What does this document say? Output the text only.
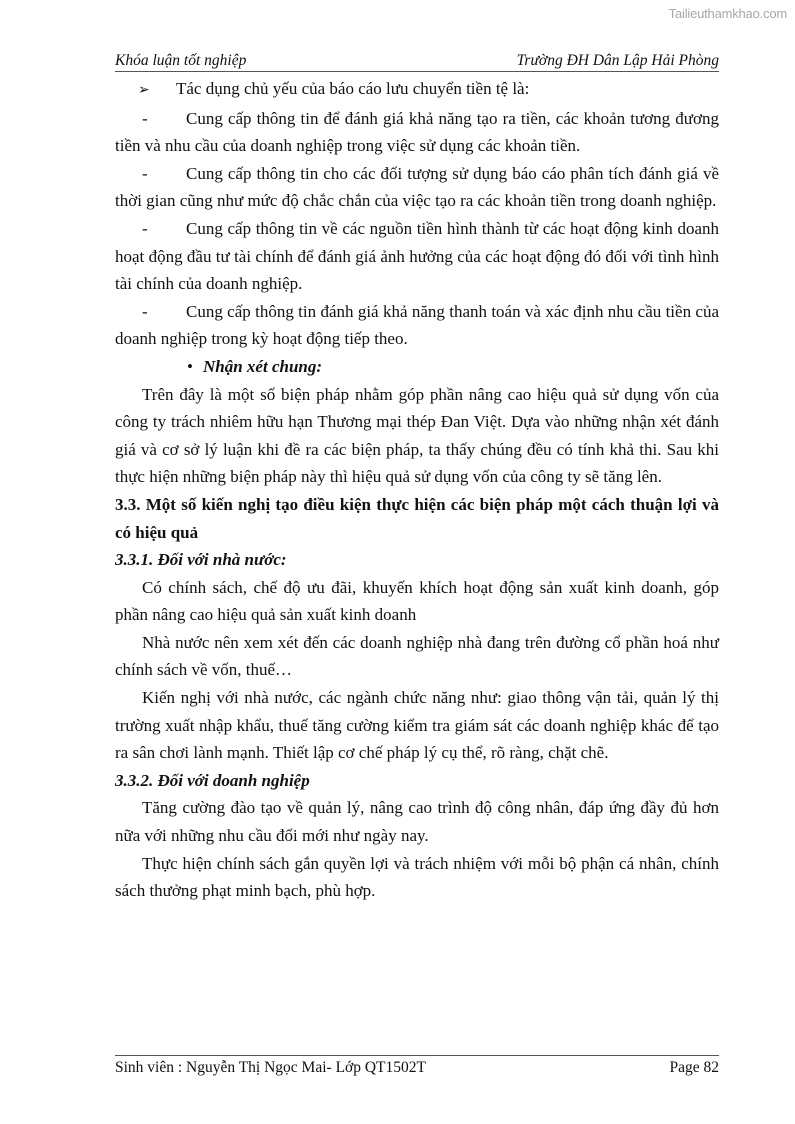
Tailieuthamkhao.com
Khóa luận tốt nghiệp	Trường ĐH Dân Lập Hải Phòng

➢	Tác dụng chủ yếu của báo cáo lưu chuyển tiền tệ là:

- Cung cấp thông tin để đánh giá khả năng tạo ra tiền, các khoản tương đương tiền và nhu cầu của doanh nghiệp trong việc sử dụng các khoản tiền.

- Cung cấp thông tin cho các đối tượng sử dụng báo cáo phân tích đánh giá về thời gian cũng như mức độ chắc chắn của việc tạo ra các khoản tiền trong doanh nghiệp.

- Cung cấp thông tin về các nguồn tiền hình thành từ các hoạt động kinh doanh hoạt động đầu tư tài chính để đánh giá ảnh hưởng của các hoạt động đó đối với tình hình tài chính của doanh nghiệp.

- Cung cấp thông tin đánh giá khả năng thanh toán và xác định nhu cầu tiền của doanh nghiệp trong kỳ hoạt động tiếp theo.

• Nhận xét chung:

Trên đây là một số biện pháp nhằm góp phần nâng cao hiệu quả sử dụng vốn của công ty trách nhiêm hữu hạn Thương mại thép Đan Việt. Dựa vào những nhận xét đánh giá và cơ sở lý luận khi đề ra các biện pháp, ta thấy chúng đều có tính khả thi. Sau khi thực hiện những biện pháp này thì hiệu quả sử dụng vốn của công ty sẽ tăng lên.

3.3. Một số kiến nghị tạo điều kiện thực hiện các biện pháp một cách thuận lợi và có hiệu quả

3.3.1. Đối với nhà nước:

Có chính sách, chế độ ưu đãi, khuyến khích hoạt động sản xuất kinh doanh, góp phần nâng cao hiệu quả sản xuất kinh doanh

Nhà nước nên xem xét đến các doanh nghiệp nhà đang trên đường cổ phần hoá như chính sách về vốn, thuế…

Kiến nghị với nhà nước, các ngành chức năng như: giao thông vận tải, quản lý thị trường xuất nhập khẩu, thuế tăng cường kiểm tra giám sát các doanh nghiệp khác để tạo ra sân chơi lành mạnh. Thiết lập cơ chế pháp lý cụ thể, rõ ràng, chặt chẽ.

3.3.2. Đối với doanh nghiệp

Tăng cường đào tạo về quản lý, nâng cao trình độ công nhân, đáp ứng đầy đủ hơn nữa với những nhu cầu đổi mới như ngày nay.

Thực hiện chính sách gắn quyền lợi và trách nhiệm với mỗi bộ phận cá nhân, chính sách thưởng phạt minh bạch, phù hợp.

Sinh viên : Nguyễn Thị Ngọc Mai- Lớp QT1502T	Page 82
